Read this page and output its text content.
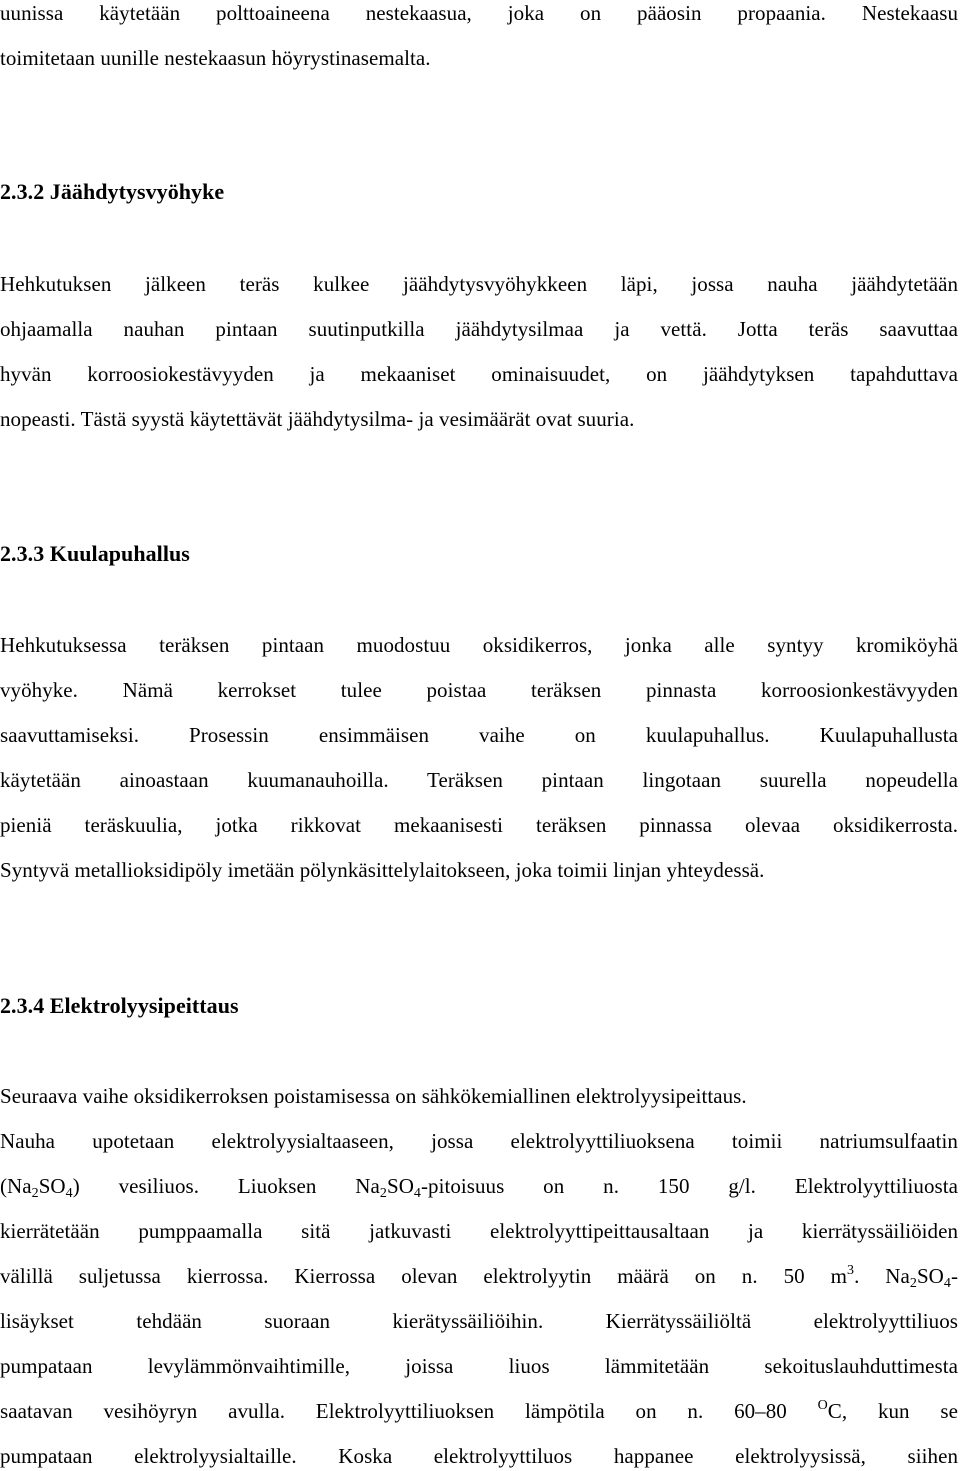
uunissa käytetään polttoaineena nestekaasua, joka on pääosin propaania. Nestekaasu
toimitetaan uunille nestekaasun höyrystinasemalta.
2.3.2 Jäähdytysvyöhyke
Hehkutuksen jälkeen teräs kulkee jäähdytysvyöhykkeen läpi, jossa nauha jäähdytetään
ohjaamalla nauhan pintaan suutinputkilla jäähdytysilmaa ja vettä. Jotta teräs saavuttaa
hyvän korroosiokestävyyden ja mekaaniset ominaisuudet, on jäähdytyksen tapahduttava
nopeasti. Tästä syystä käytettävät jäähdytysilma- ja vesimäärät ovat suuria.
2.3.3 Kuulapuhallus
Hehkutuksessa teräksen pintaan muodostuu oksidikerros, jonka alle syntyy kromiköyhä
vyöhyke. Nämä kerrokset tulee poistaa teräksen pinnasta korroosionkestävyyden
saavuttamiseksi. Prosessin ensimmäisen vaihe on kuulapuhallus. Kuulapuhallusta
käytetään ainoastaan kuumanauhoilla. Teräksen pintaan lingotaan suurella nopeudella
pieniä teräskuulia, jotka rikkovat mekaanisesti teräksen pinnassa olevaa oksidikerrosta.
Syntyvä metallioksidipöly imetään pölynkäsittelylaitokseen, joka toimii linjan yhteydessä.
2.3.4 Elektrolyysipeittaus
Seuraava vaihe oksidikerroksen poistamisessa on sähkökemiallinen elektrolyysipeittaus.
Nauha upotetaan elektrolyysialtaaseen, jossa elektrolyyttiliuoksena toimii natriumsulfaatin
$(Na_2SO_4)$ vesiliuos. Liuoksen $Na_2SO_4$-pitoisuus on n. 150 g/l. Elektrolyyttiliuosta
kierrätetään pumppaamalla sitä jatkuvasti elektrolyyttipeittausaltaan ja kierrätyssäiliöiden
välillä suljetussa kierrossa. Kierrossa olevan elektrolyytin määrä on n. 50 $m^3$. $Na_2SO_4-$
lisäykset tehdään suoraan kierätyssäiliöihin. Kierrätyssäiliöltä elektrolyyttiliuos
pumpataan levylämmönvaihtimille, joissa liuos lämmitetään sekoituslauhduttimesta
saatavan vesihöyryn avulla. Elektrolyyttiliuoksen lämpötila on n. 60–80 $^O$C, kun se
pumpataan elektrolyysialtaille. Koska elektrolyyttiluos happanee elektrolyysissä, siihen
